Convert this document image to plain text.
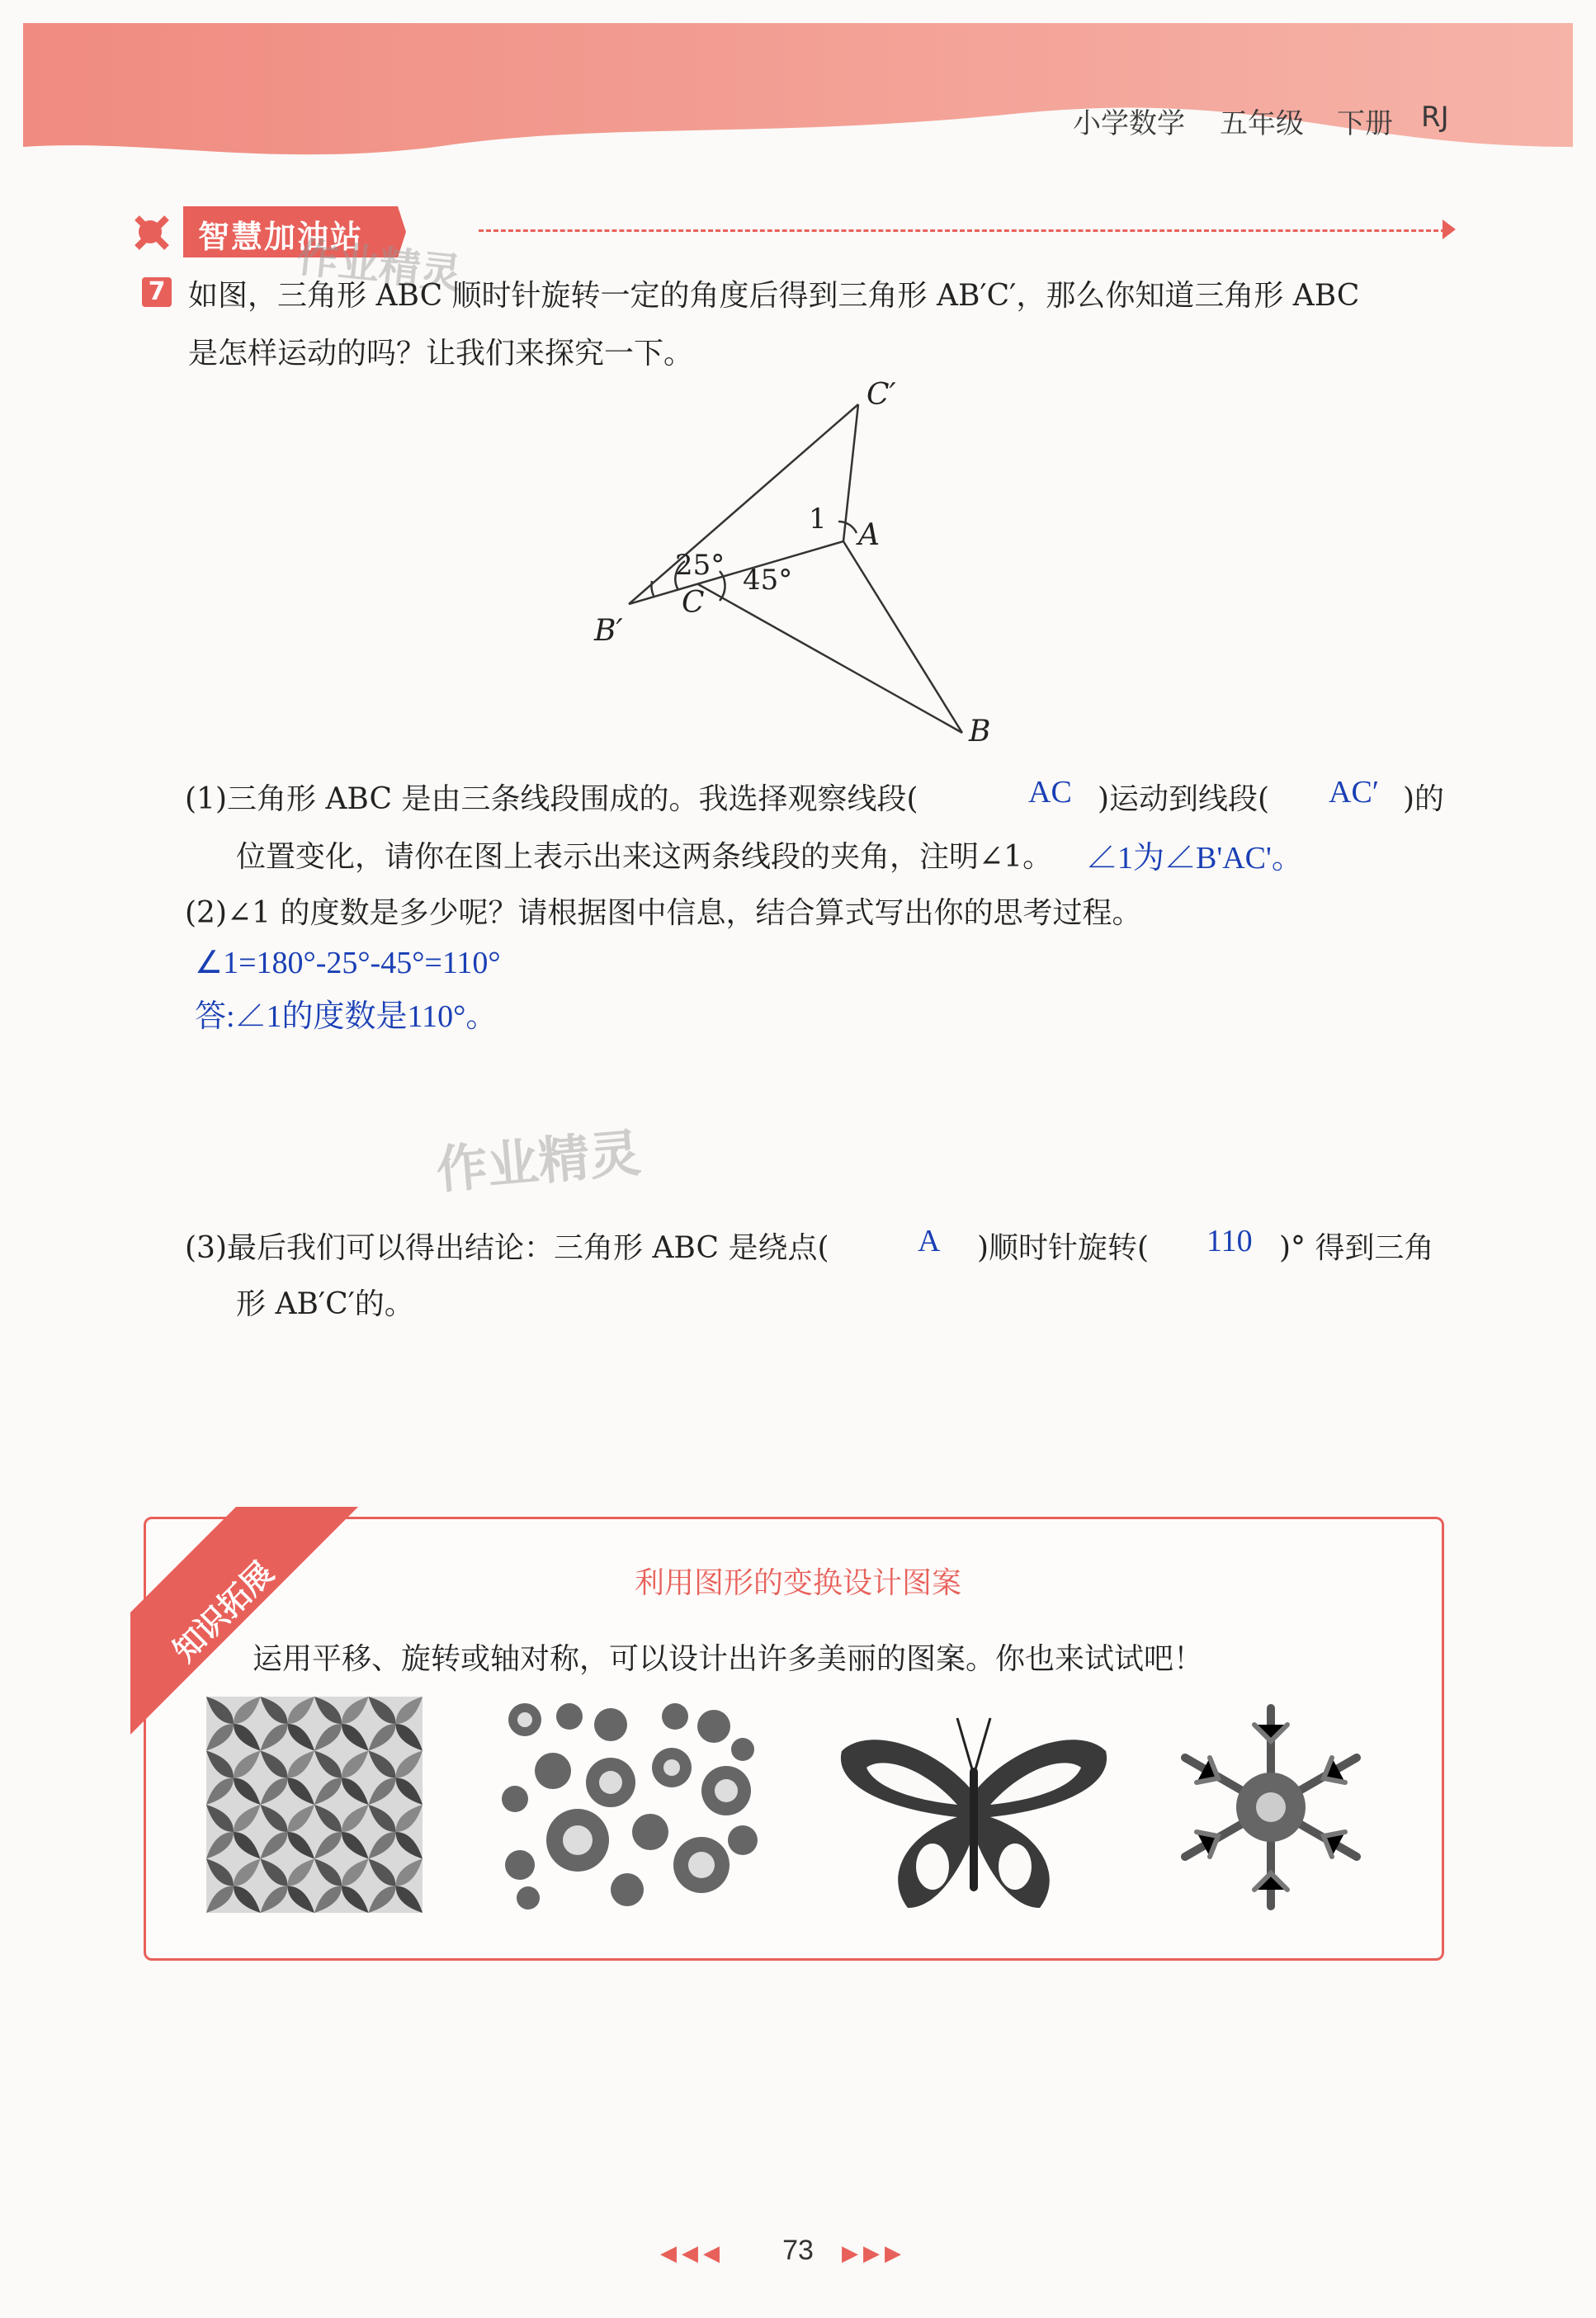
小学数学 五年级 下册 RJ
智慧加油站
作业精灵
7 如图，三角形 ABC 顺时针旋转一定的角度后得到三角形 AB′C′，那么你知道三角形 ABC
是怎样运动的吗？让我们来探究一下。
C′
A
B′
C
B
1
25° 45°
(1)三角形 ABC 是由三条线段围成的。我选择观察线段(	AC )运动到线段( AC′ )的
位置变化，请你在图上表示出来这两条线段的夹角，注明∠1。 ∠1为∠B'AC'。
(2)∠1 的度数是多少呢？请根据图中信息，结合算式写出你的思考过程。
∠1=180°-25°-45°=110°
答:∠1的度数是110°。
作业精灵
(3)最后我们可以得出结论：三角形 ABC 是绕点(	A )顺时针旋转( 110 )° 得到三角
形 AB′C′的。
知识拓展	利用图形的变换设计图案
运用平移、旋转或轴对称，可以设计出许多美丽的图案。你也来试试吧！
◀◀◀	73	▶▶▶
